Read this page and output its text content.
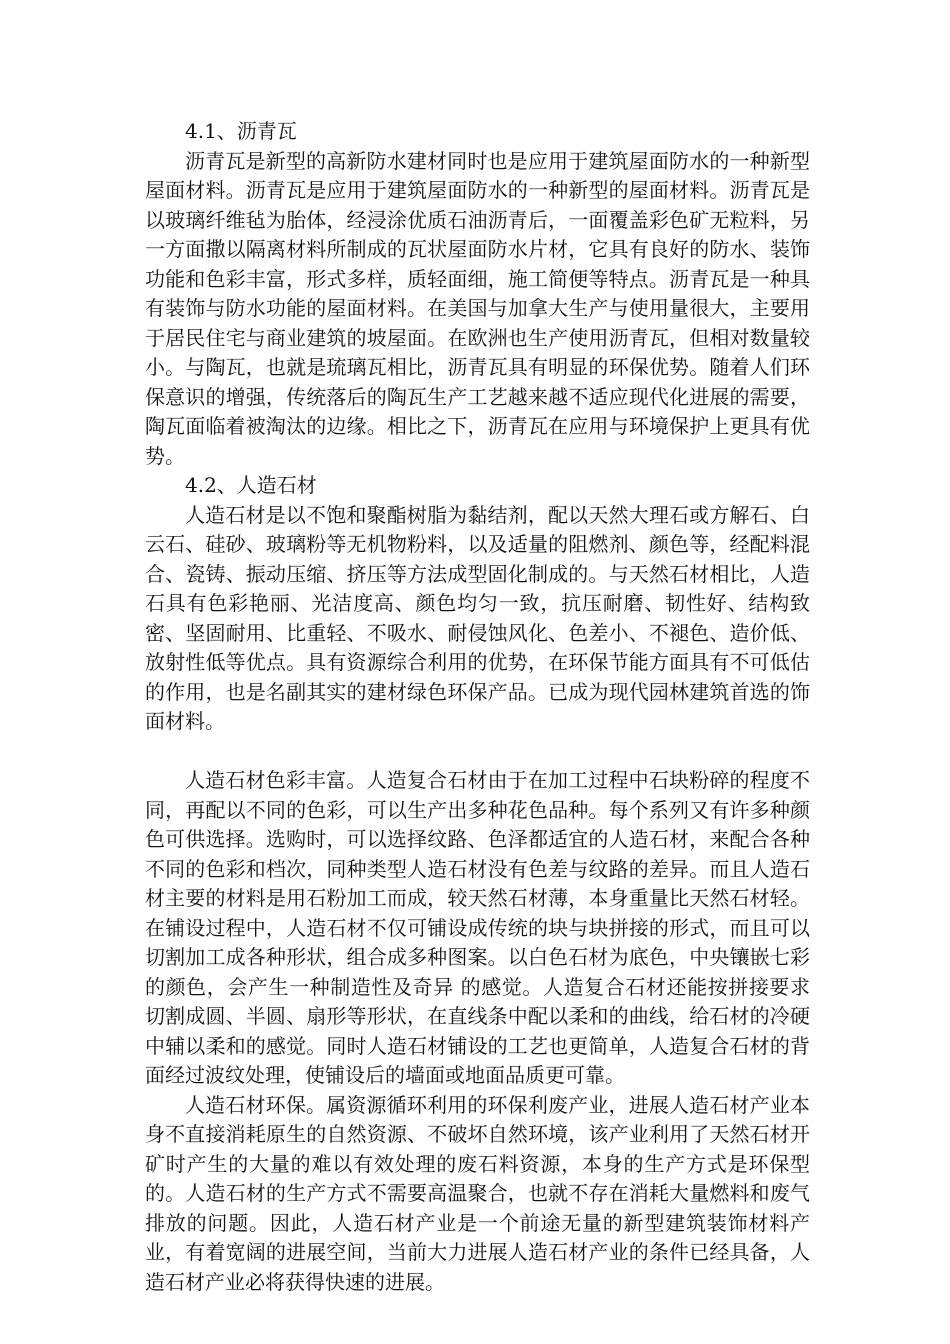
4.1、沥青瓦

沥青瓦是新型的高新防水建材同时也是应用于建筑屋面防水的一种新型屋面材料。沥青瓦是应用于建筑屋面防水的一种新型的屋面材料。沥青瓦是以玻璃纤维毡为胎体，经浸涂优质石油沥青后，一面覆盖彩色矿无粒料，另一方面撒以隔离材料所制成的瓦状屋面防水片材，它具有良好的防水、装饰功能和色彩丰富，形式多样，质轻面细，施工简便等特点。沥青瓦是一种具有装饰与防水功能的屋面材料。在美国与加拿大生产与使用量很大，主要用于居民住宅与商业建筑的坡屋面。在欧洲也生产使用沥青瓦，但相对数量较小。与陶瓦，也就是琉璃瓦相比，沥青瓦具有明显的环保优势。随着人们环保意识的增强，传统落后的陶瓦生产工艺越来越不适应现代化进展的需要，陶瓦面临着被淘汰的边缘。相比之下，沥青瓦在应用与环境保护上更具有优势。

4.2、人造石材

人造石材是以不饱和聚酯树脂为黏结剂，配以天然大理石或方解石、白云石、硅砂、玻璃粉等无机物粉料，以及适量的阻燃剂、颜色等，经配料混合、瓷铸、振动压缩、挤压等方法成型固化制成的。与天然石材相比，人造石具有色彩艳丽、光洁度高、颜色均匀一致，抗压耐磨、韧性好、结构致密、坚固耐用、比重轻、不吸水、耐侵蚀风化、色差小、不褪色、造价低、放射性低等优点。具有资源综合利用的优势，在环保节能方面具有不可低估的作用，也是名副其实的建材绿色环保产品。已成为现代园林建筑首选的饰面材料。

人造石材色彩丰富。人造复合石材由于在加工过程中石块粉碎的程度不同，再配以不同的色彩，可以生产出多种花色品种。每个系列又有许多种颜色可供选择。选购时，可以选择纹路、色泽都适宜的人造石材，来配合各种不同的色彩和档次，同种类型人造石材没有色差与纹路的差异。而且人造石材主要的材料是用石粉加工而成，较天然石材薄，本身重量比天然石材轻。在铺设过程中，人造石材不仅可铺设成传统的块与块拼接的形式，而且可以切割加工成各种形状，组合成多种图案。以白色石材为底色，中央镶嵌七彩的颜色，会产生一种制造性及奇异 的感觉。人造复合石材还能按拼接要求切割成圆、半圆、扇形等形状，在直线条中配以柔和的曲线，给石材的冷硬中辅以柔和的感觉。同时人造石材铺设的工艺也更简单，人造复合石材的背面经过波纹处理，使铺设后的墙面或地面品质更可靠。

人造石材环保。属资源循环利用的环保利废产业，进展人造石材产业本身不直接消耗原生的自然资源、不破坏自然环境，该产业利用了天然石材开矿时产生的大量的难以有效处理的废石料资源，本身的生产方式是环保型的。人造石材的生产方式不需要高温聚合，也就不存在消耗大量燃料和废气排放的问题。因此，人造石材产业是一个前途无量的新型建筑装饰材料产业，有着宽阔的进展空间，当前大力进展人造石材产业的条件已经具备，人造石材产业必将获得快速的进展。
